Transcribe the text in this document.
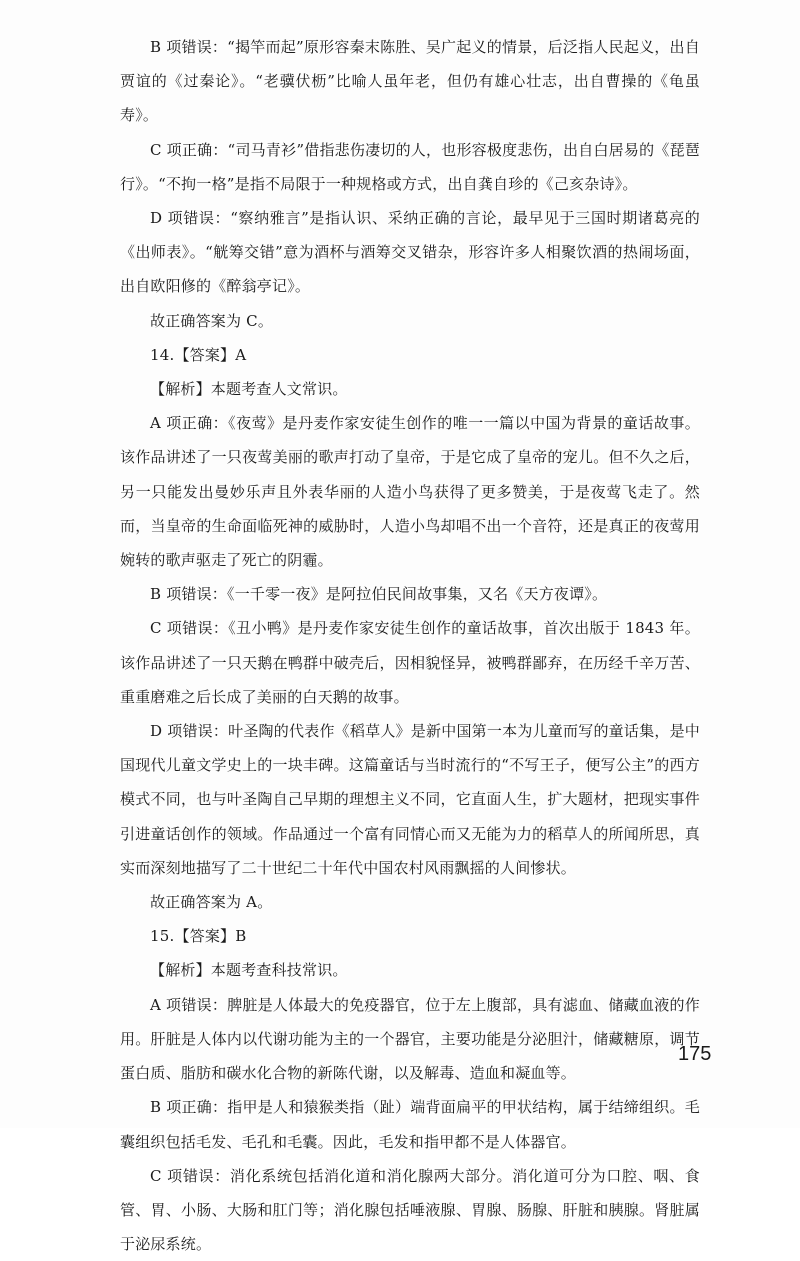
B 项错误：“揭竿而起”原形容秦末陈胜、吴广起义的情景，后泛指人民起义，出自贾谊的《过秦论》。“老骥伏枥”比喻人虽年老，但仍有雄心壮志，出自曹操的《龟虽寿》。

C 项正确：“司马青衫”借指悲伤凄切的人，也形容极度悲伤，出自白居易的《琵琶行》。“不拘一格”是指不局限于一种规格或方式，出自龚自珍的《己亥杂诗》。

D 项错误：“察纳雅言”是指认识、采纳正确的言论，最早见于三国时期诸葛亮的《出师表》。“觥筹交错”意为酒杯与酒筹交叉错杂，形容许多人相聚饮酒的热闹场面，出自欧阳修的《醉翁亭记》。

故正确答案为 C。

14.【答案】A

【解析】本题考查人文常识。

A 项正确：《夜莺》是丹麦作家安徒生创作的唯一一篇以中国为背景的童话故事。该作品讲述了一只夜莺美丽的歌声打动了皇帝，于是它成了皇帝的宠儿。但不久之后，另一只能发出曼妙乐声且外表华丽的人造小鸟获得了更多赞美，于是夜莺飞走了。然而，当皇帝的生命面临死神的威胁时，人造小鸟却唱不出一个音符，还是真正的夜莺用婉转的歌声驱走了死亡的阴霾。

B 项错误：《一千零一夜》是阿拉伯民间故事集，又名《天方夜谭》。

C 项错误：《丑小鸭》是丹麦作家安徒生创作的童话故事，首次出版于 1843 年。该作品讲述了一只天鹅在鸭群中破壳后，因相貌怪异，被鸭群鄙弃，在历经千辛万苦、重重磨难之后长成了美丽的白天鹅的故事。

D 项错误：叶圣陶的代表作《稻草人》是新中国第一本为儿童而写的童话集，是中国现代儿童文学史上的一块丰碑。这篇童话与当时流行的“不写王子，便写公主”的西方模式不同，也与叶圣陶自己早期的理想主义不同，它直面人生，扩大题材，把现实事件引进童话创作的领域。作品通过一个富有同情心而又无能为力的稻草人的所闻所思，真实而深刻地描写了二十世纪二十年代中国农村风雨飘摇的人间惨状。

故正确答案为 A。

15.【答案】B

【解析】本题考查科技常识。

A 项错误：脾脏是人体最大的免疫器官，位于左上腹部，具有滤血、储藏血液的作用。肝脏是人体内以代谢功能为主的一个器官，主要功能是分泌胆汁，储藏糖原，调节蛋白质、脂肪和碳水化合物的新陈代谢，以及解毒、造血和凝血等。

B 项正确：指甲是人和猿猴类指（趾）端背面扁平的甲状结构，属于结缔组织。毛囊组织包括毛发、毛孔和毛囊。因此，毛发和指甲都不是人体器官。

C 项错误：消化系统包括消化道和消化腺两大部分。消化道可分为口腔、咽、食管、胃、小肠、大肠和肛门等；消化腺包括唾液腺、胃腺、肠腺、肝脏和胰腺。肾脏属于泌尿系统。

175
